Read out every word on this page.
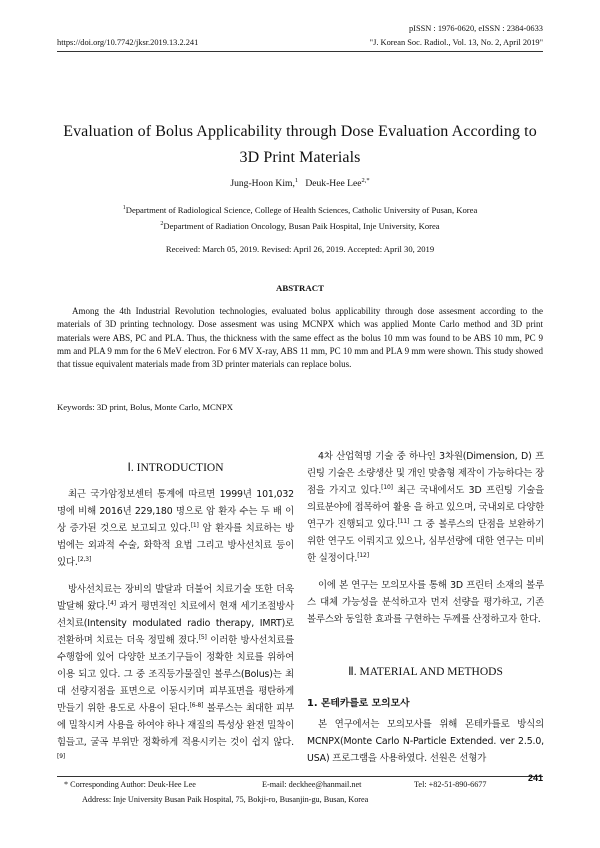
pISSN : 1976-0620, eISSN : 2384-0633
https://doi.org/10.7742/jksr.2019.13.2.241	"J. Korean Soc. Radiol., Vol. 13, No. 2, April 2019"
Evaluation of Bolus Applicability through Dose Evaluation According to
3D Print Materials
Jung-Hoon Kim,$^1$ Deuk-Hee Lee$^{2,*}$
$^1$Department of Radiological Science, College of Health Sciences, Catholic University of Pusan, Korea
$^2$Department of Radiation Oncology, Busan Paik Hospital, Inje University, Korea
Received: March 05, 2019. Revised: April 26, 2019. Accepted: April 30, 2019
ABSTRACT
Among the 4th Industrial Revolution technologies, evaluated bolus applicability through dose assesment according to the materials of 3D printing technology. Dose assesment was using MCNPX which was applied Monte Carlo method and 3D print materials were ABS, PC and PLA. Thus, the thickness with the same effect as the bolus 10 mm was found to be ABS 10 mm, PC 9 mm and PLA 9 mm for the 6 MeV electron. For 6 MV X-ray, ABS 11 mm, PC 10 mm and PLA 9 mm were shown. This study showed that tissue equivalent materials made from 3D printer materials can replace bolus.
Keywords: 3D print, Bolus, Monte Carlo, MCNPX
Ⅰ. INTRODUCTION

최근 국가암정보센터 통계에 따르면 1999년 101,032 명에 비해 2016년 229,180 명으로 암 환자 수는 두 배 이상 증가된 것으로 보고되고 있다.[1] 암 환자를 치료하는 방법에는 외과적 수술, 화학적 요법 그리고 방사선치료 등이 있다.[2,3]

방사선치료는 장비의 발달과 더불어 치료기술 또한 더욱 발달해 왔다.[4] 과거 평면적인 치료에서 현재 세기조절방사선치료(Intensity modulated radio therapy, IMRT)로 전환하며 치료는 더욱 정밀해 졌다.[5] 이러한 방사선치료를 수행함에 있어 다양한 보조기구들이 정확한 치료를 위하여 이용 되고 있다. 그 중 조직등가물질인 볼루스(Bolus)는 최대 선량지점을 표면으로 이동시키며 피부표면을 평탄하게 만들기 위한 용도로 사용이 된다.[6-8] 볼루스는 최대한 피부에 밀착시켜 사용을 하여야 하나 재질의 특성상 완전 밀착이 힘들고, 굴곡 부위만 정확하게 적용시키는 것이 쉽지 않다.[9]

4차 산업혁명 기술 중 하나인 3차원(Dimension, D) 프린팅 기술은 소량생산 및 개인 맞춤형 제작이 가능하다는 장점을 가지고 있다.[10] 최근 국내에서도 3D 프린팅 기술을 의료분야에 접목하여 활용 을 하고 있으며, 국내외로 다양한 연구가 진행되고 있다.[11] 그 중 볼루스의 단점을 보완하기 위한 연구도 이뤄지고 있으나, 심부선량에 대한 연구는 미비한 실정이다.[12]

이에 본 연구는 모의모사를 통해 3D 프린터 소재의 볼루스 대체 가능성을 분석하고자 먼저 선량을 평가하고, 기존 볼루스와 동일한 효과를 구현하는 두께를 산정하고자 한다.

Ⅱ. MATERIAL AND METHODS
1. 몬테카를로 모의모사

본 연구에서는 모의모사를 위해 몬테카를로 방식의 MCNPX(Monte Carlo N-Particle Extended. ver 2.5.0, USA) 프로그램을 사용하였다. 선원은 선형가

* Corresponding Author: Deuk-Hee Lee	E-mail: deckhee@hanmail.net	Tel: +82-51-890-6677
241
Address: Inje University Busan Paik Hospital, 75, Bokji-ro, Busanjin-gu, Busan, Korea
